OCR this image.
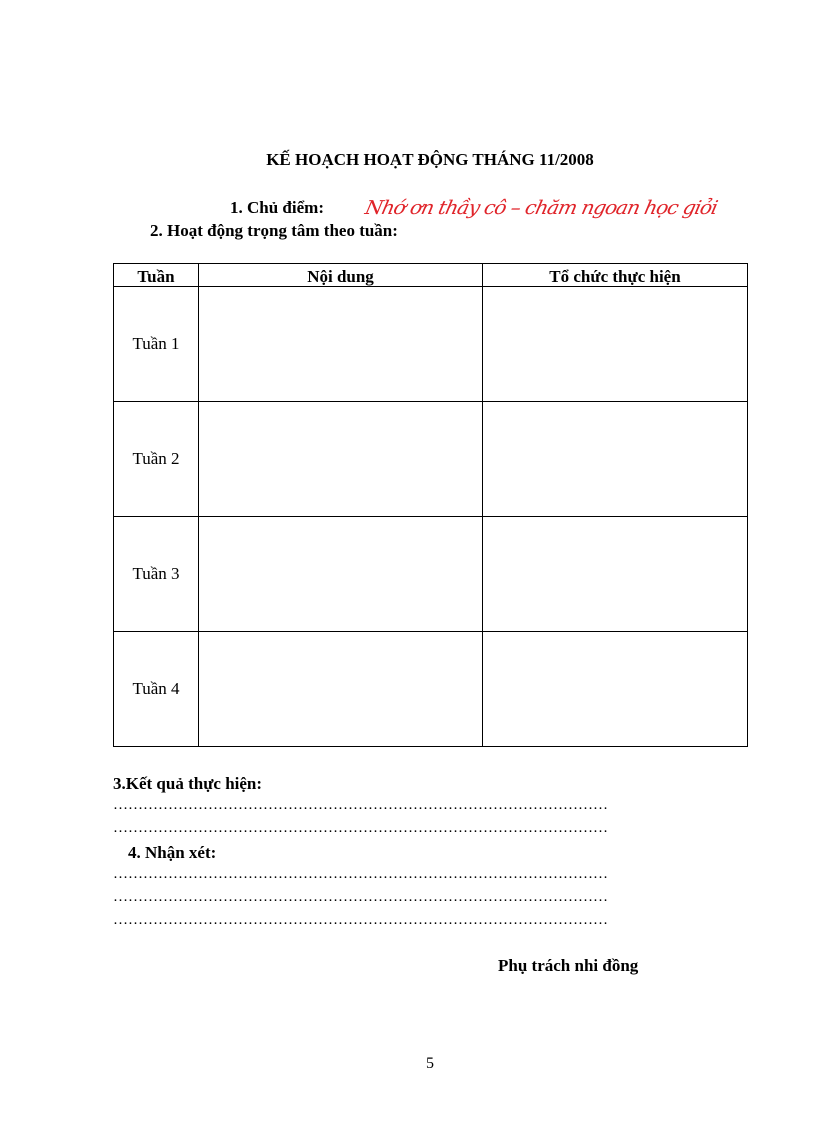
KẾ HOẠCH HOẠT ĐỘNG THÁNG 11/2008
1. Chủ điểm: Nhớ ơn thầy cô – chăm ngoan học giỏi
2. Hoạt động trọng tâm theo tuần:
Tuần	Nội dung	Tổ chức thực hiện
Tuần 1		
Tuần 2		
Tuần 3		
Tuần 4		
3.Kết quả thực hiện:
………………………………………………………………………………………
………………………………………………………………………………………
4. Nhận xét:
………………………………………………………………………………………
………………………………………………………………………………………
………………………………………………………………………………………
Phụ trách nhi đồng
5
